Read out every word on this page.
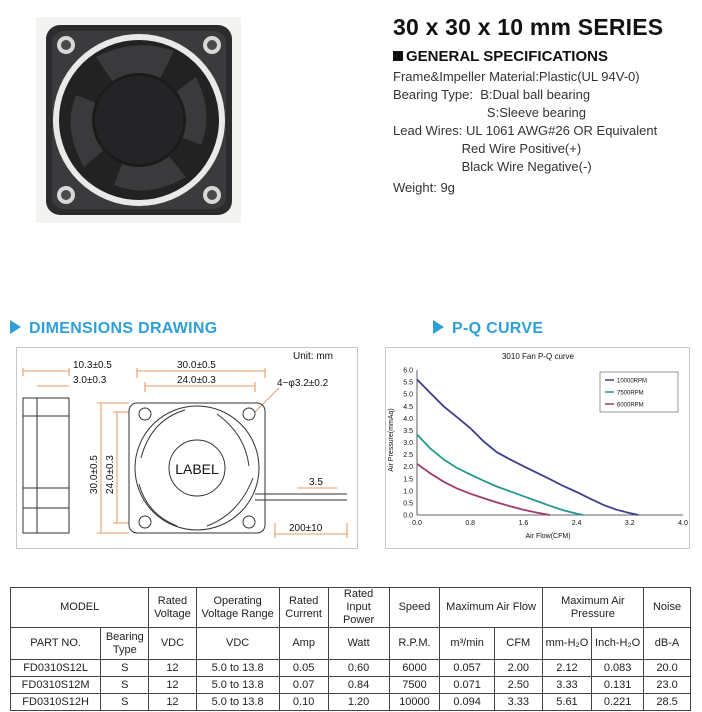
30 x 30 x 10 mm SERIES
GENERAL SPECIFICATIONS
Frame&Impeller Material:Plastic(UL 94V-0)
Bearing Type:  B:Dual ball bearing
S:Sleeve bearing
Lead Wires: UL 1061 AWG#26 OR Equivalent
Red Wire Positive(+)
Black Wire Negative(-)
Weight: 9g
DIMENSIONS DRAWING	P-Q CURVE
LABEL
Unit: mm
10.3±0.5
3.0±0.3
30.0±0.5
24.0±0.3	4−φ3.2±0.2
30.0±0.5 24.0±0.3	3.5
200±10
3010 Fan P-Q curve
Air Flow(CFM)
Air Pressure(mmAq)
0.0	0.8	1.6	2.4	3.2	4.0
0.0
0.5
1.0
1.5
2.0
2.5
3.0
3.5
4.0
4.5
5.0
5.5
6.0
10000RPM
7500RPM
6000RPM
MODEL		Rated Voltage	Operating Voltage Range	Rated Current	Rated Input Power	Speed	Maximum Air Flow		Maximum Air Pressure		Noise
PART NO.	Bearing Type	VDC	VDC	Amp	Watt	R.P.M.	m³/min	CFM	mm-H₂O	Inch-H₂O	dB-A
FD0310S12L	S	12	5.0 to 13.8	0.05	0.60	6000	0.057	2.00	2.12	0.083	20.0
FD0310S12M	S	12	5.0 to 13.8	0.07	0.84	7500	0.071	2.50	3.33	0.131	23.0
FD0310S12H	S	12	5.0 to 13.8	0.10	1.20	10000	0.094	3.33	5.61	0.221	28.5
